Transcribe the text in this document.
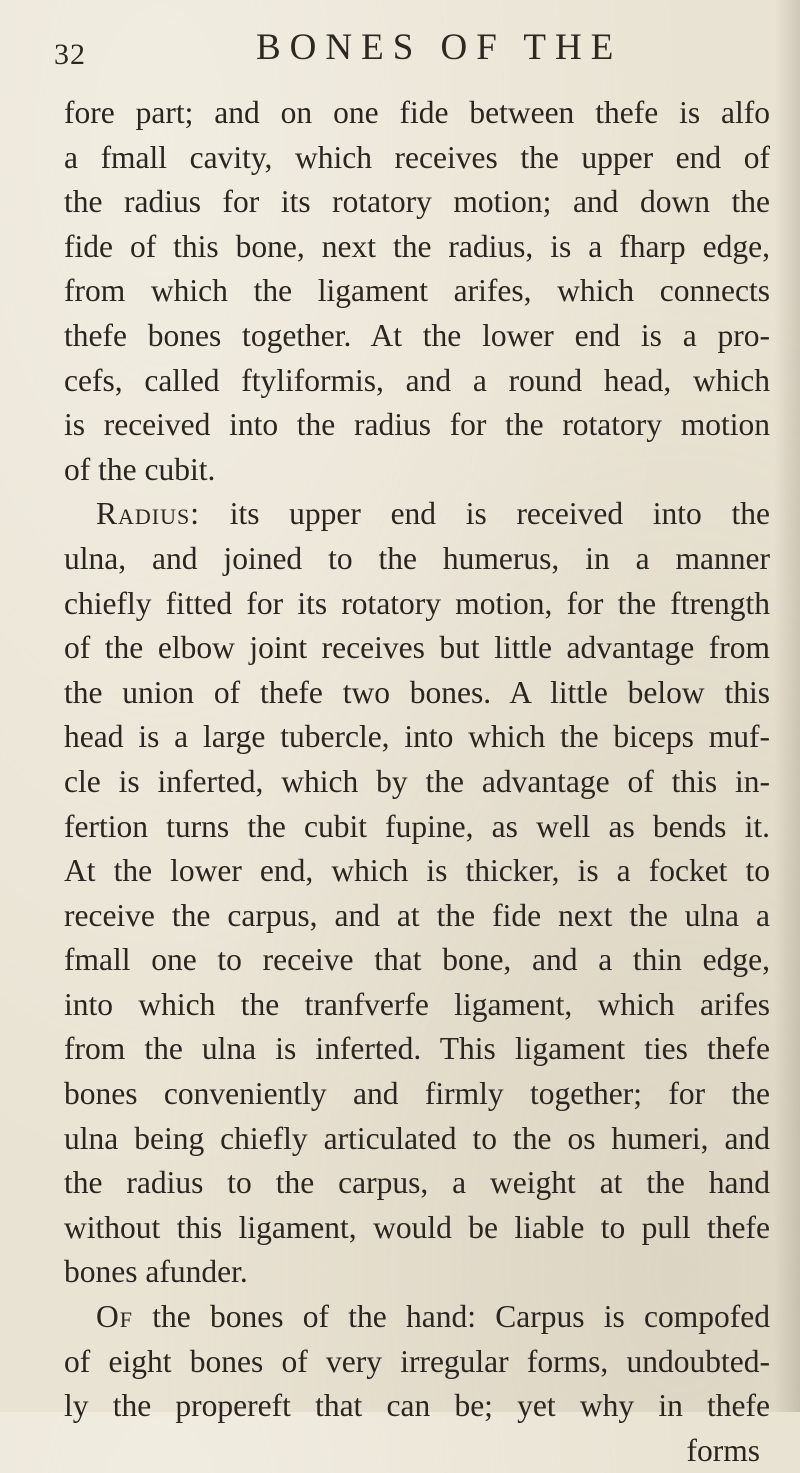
32	BONES OF THE
fore part; and on one fide between thefe is alfo
a fmall cavity, which receives the upper end of
the radius for its rotatory motion; and down the
fide of this bone, next the radius, is a fharp edge,
from which the ligament arifes, which connects
thefe bones together. At the lower end is a pro-
cefs, called ftyliformis, and a round head, which
is received into the radius for the rotatory motion
of the cubit.
Radius: its upper end is received into the
ulna, and joined to the humerus, in a manner
chiefly fitted for its rotatory motion, for the ftrength
of the elbow joint receives but little advantage from
the union of thefe two bones. A little below this
head is a large tubercle, into which the biceps muf-
cle is inferted, which by the advantage of this in-
fertion turns the cubit fupine, as well as bends it.
At the lower end, which is thicker, is a focket to
receive the carpus, and at the fide next the ulna a
fmall one to receive that bone, and a thin edge,
into which the tranfverfe ligament, which arifes
from the ulna is inferted. This ligament ties thefe
bones conveniently and firmly together; for the
ulna being chiefly articulated to the os humeri, and
the radius to the carpus, a weight at the hand
without this ligament, would be liable to pull thefe
bones afunder.
Of the bones of the hand: Carpus is compofed
of eight bones of very irregular forms, undoubted-
ly the propereft that can be; yet why in thefe
forms
